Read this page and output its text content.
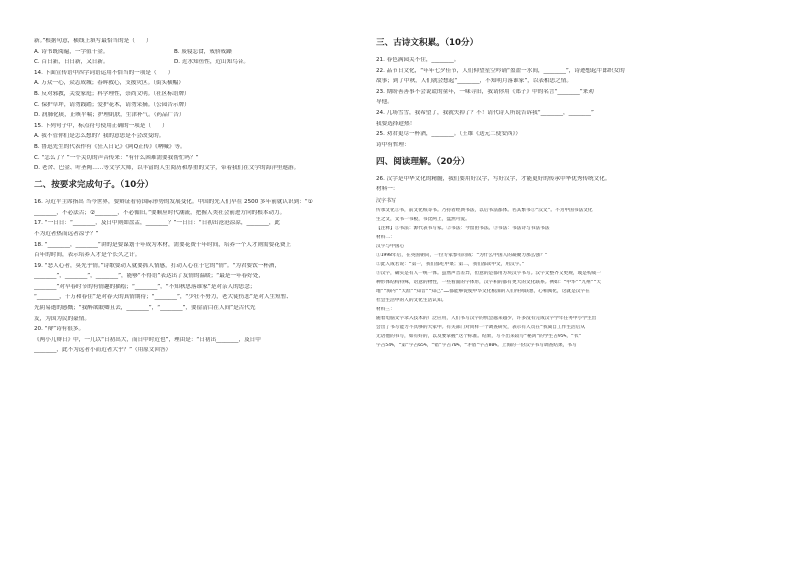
新。”根据句意，横线上填写最恰当的是（　　）

A. 诗书既阅遍，一字值千金。	B. 废寝忘食，戒骄戒躁

C. 百日新，日日新，又日新。	D. 近水知鱼性，近山知鸟音。

14. 下面宣传语中四字词语运用不恰当的一项是（　　）

A. 万众一心，众志成城；春晖救心，支援灾区。（街头横幅）

B. 反对邪教，关爱家庭；科学理性，崇尚文明。（社区标语牌）

C. 保护草坪，请勿践踏；爱护花木，请勿采摘。（公园告示牌）

D. 润肺化痰，止咳平喘；护理肌肤，生津补气。（药品广告）

15. 下列句子中，标点符号使用正确的一项是（　　）

A. 我不管你们是怎么想的？我的意思是不会改变的。

B. 鲁迅先生的代表作有《狂人日记》《阿Q正传》《呐喊》等。

C. “怎么了？”一个关切的声音传来：“有什么困难需要我帮忙吗？”

D. 老舍、巴金、叶圣陶……等文学大师，以丰富的人生阅历和厚重的文字，带着我们在文学的海洋里遨游。

二、按要求完成句子。（10分）

16. 习近平主席指出 当今世界，要辩证看待国际形势的发展变化。中国的先人们早在 2500 多年前就认识到：“①

________，不必法古；②________，不必循旧。”要顺应时代潮流，把握人类社会前进方向的根本动力。

17. “一日日：“________，及日中则如盘盂，________？”一日日：“日初出沧沧凉凉，________，此

不为近者热而远者凉乎？”

18. “________，________”讲的是要谋划十年成为木材，需要花费十年时间，培养一个人才则需要花费上

百年的时间，表示培养人才是个长久之计。

19. “恶人心者，莫先乎情。”诗歌要动人就要抓人情感，打动人心在于它的“情”。“为君要饮一杯酒，

________”，________”，________”，能够“不得语”表达出了友情的温暖；“最是一年春好处，

________”对早春时节的有情趣的描绘；“________”，“不知秋思落谁家”是对亲人的思念；

“________，千万和春住”是对春天的真情期待；“________”，“少壮不努力，老大徒伤悲”是对人生短暂、

光阴易逝的感慨；“我醉欲眠卿且去，________”，“________”，要留清白在人间”是古代先

友，为国为民的豪情。

20. “辩”诗有很多。

《两小儿辩日》中，一儿以“日初出大，而日中时近也”，理由是：“日初出________，及日中

________，此不为远者小而近者大乎？”（用原文回答）

三、古诗文积累。（10分）

21. 春色满园关不住，________。

22. 品节日文化，“年年七夕佳节，人们仰望星空吟诵“盈盈一水间，________”，诗迹想起牛郎织女的

故事；到了中秋，人们就会想起“________，不知明月落谁家”，以表相思之情。

23. 期盼善善事不会说谎的童年，一味寻旧，我请你用《郑子》中的名言“________”来劝

导他。

24. 几场雪雪，我希望了，我就失掉了？不！请代诗人所说告诉我“________，________”

我要选择趁热！

25. 劝君更尽一杯酒，________。（王维《送元二使安西》）

诗中有哲理：

四、阅读理解。（20分）

26. 汉字是中华文化的精髓，我们要用好汉字，写好汉字，才能更好的传承中华优秀传统文化。

材料一：

汉字书写

传承文化①书，前文化纸等书。乃持者经典书法，以后书法都体。名其繁书①“汉文”。不为中国书法文化

生之文，文书一书板，书比两上，盘然可爱。

【注释】①书法：源代表书写家。②书法：今留由书法。③书法：书法诗与书法书法

材料二：

汉字与中国心

①1998年后，在英国朝向，一位专家参有问成：“为什么中国人的凝聚力那么强？”

②此人成若说：“第一，我们都吃中菜；第二，我们都读中文，用汉字。”

③汉字，确实是有人一统一体。虽然声音差异，但意的是都用方块汉字书写。汉字文整齐又更规，或是构成一

种形体结构特殊，语意的物性，一些看面的字体形，汉字积的都有更大的文化联系。例如：“中华”“九州”“天

地”“海内”“天涯”“知音”“知己”……都能够促使中华文化根深的人们得到联想，心相阅化，这就是汉字在

社会生活中的人的文化生活认知。

材料三：

随着电脑文字录入技术的广泛应用，人们书写汉字的机会越来越少，许多没有完成汉字学年任务中小学生出

会出了书写能力不具够的大家中。有关部门对同样一个调查研究，表示有人员在“我离自工作生活后从

无语他的书写，如有好的，以及要掌握”这个标准。结果，写不出来较写“秘鸿”的学生占95%，“衣”

字占54%，“第”字占65%，“错”字占70%，“矛盾”字占80%。上海的一份汉字书写调查结果，书写
